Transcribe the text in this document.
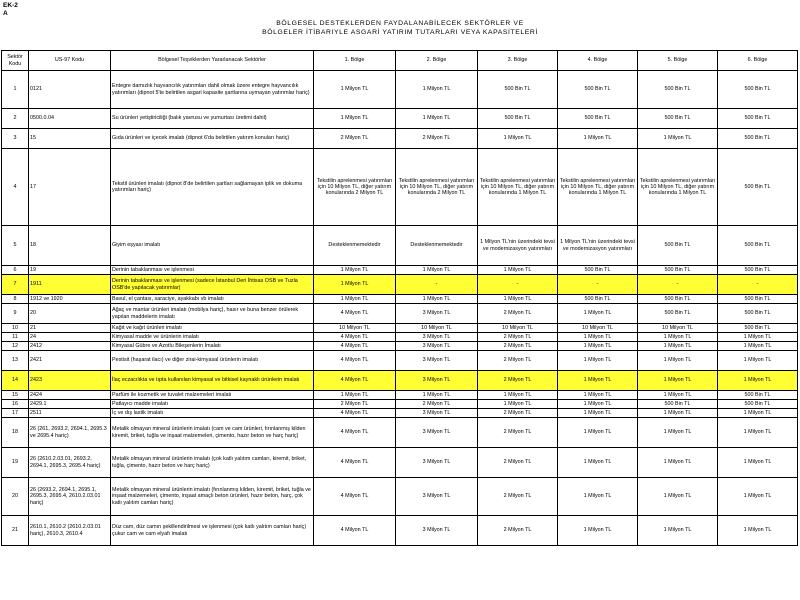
EK-2 A
BÖLGESEL DESTEKLERDEN FAYDALANABİLECEK SEKTÖRLER VE
BÖLGELER İTİBARIYLE ASGARİ YATIRIM TUTARLARI VEYA KAPASİTELERİ
Sektör Kodu	US-97 Kodu	Bölgesel Teşviklerden Yararlanacak Sektörler	1. Bölge	2. Bölge	3. Bölge	4. Bölge	5. Bölge	6. Bölge
1	0121	Entegre damızlık hayvancılık yatırımları dahil olmak üzere entegre hayvancılık yatırımları (dipnot 5'te belirtilen asgari kapasite şartlarına uymayan yatırımlar hariç)	1 Milyon TL	1 Milyon TL	500 Bin TL	500 Bin TL	500 Bin TL	500 Bin TL
2	0500.0.04	Su ürünleri yetiştiriciliği (balık yavrusu ve yumurtası üretimi dahil)	1 Milyon TL	1 Milyon TL	500 Bin TL	500 Bin TL	500 Bin TL	500 Bin TL
3	15	Gıda ürünleri ve içecek imalatı (dipnot 6'da belirtilen yatırım konuları hariç)	2 Milyon TL	2 Milyon TL	1 Milyon TL	1 Milyon TL	1 Milyon TL	500 Bin TL
4	17	Tekstil ürünleri imalatı (dipnot 8'de belirtilen şartları sağlamayan iplik ve dokuma yatırımları hariç)	Tekstilin aprelenmesi yatırımları için 10 Milyon TL, diğer yatırım konularında 2 Milyon TL	Tekstilin aprelenmesi yatırımları için 10 Milyon TL, diğer yatırım konularında 2 Milyon TL	Tekstilin aprelenmesi yatırımları için 10 Milyon TL, diğer yatırım konularında 1 Milyon TL	Tekstilin aprelenmesi yatırımları için 10 Milyon TL, diğer yatırım konularında 1 Milyon TL	Tekstilin aprelenmesi yatırımları için 10 Milyon TL, diğer yatırım konularında 1 Milyon TL	500 Bin TL
5	18	Giyim eşyası imalatı	Desteklenmemektedir	Desteklenmemektedir	1 Milyon TL'nin üzerindeki tevsi ve modernizasyon yatırımları	1 Milyon TL'nin üzerindeki tevsi ve modernizasyon yatırımları	500 Bin TL	500 Bin TL
6	19	Derinin tabaklanması ve işlenmesi	1 Milyon TL	1 Milyon TL	1 Milyon TL	500 Bin TL	500 Bin TL	500 Bin TL
7	1911	Derinin tabaklanması ve işlenmesi (sadece İstanbul Deri İhtisas OSB ve Tuzla OSB'de yapılacak yatırımlar)	1 Milyon TL	-	-	-	-	-
8	1912 ve 1920	Bavul, el çantası, saraciye, ayakkabı vb imalatı	1 Milyon TL	1 Milyon TL	1 Milyon TL	500 Bin TL	500 Bin TL	500 Bin TL
9	20	Ağaç ve mantar ürünleri imalatı (mobilya hariç), hasır ve buna benzer örülerek yapılan maddelerin imalatı	4 Milyon TL	3 Milyon TL	2 Milyon TL	1 Milyon TL	500 Bin TL	500 Bin TL
10	21	Kağıt ve kağıt ürünleri imalatı	10 Milyon TL	10 Milyon TL	10 Milyon TL	10 Milyon TL	10 Milyon TL	500 Bin TL
11	24	Kimyasal madde ve ürünlerin imalatı	4 Milyon TL	3 Milyon TL	2 Milyon TL	1 Milyon TL	1 Milyon TL	1 Milyon TL
12	2412	Kimyasal Gübre ve Azotlu Bileşenlerin İmalatı	4 Milyon TL	3 Milyon TL	2 Milyon TL	1 Milyon TL	1 Milyon TL	1 Milyon TL
13	2421	Pestisit (haşarat ilacı) ve diğer zirai-kimyasal ürünlerin imalatı	4 Milyon TL	3 Milyon TL	2 Milyon TL	1 Milyon TL	1 Milyon TL	1 Milyon TL
14	2423	İlaç eczacılıkta ve tıpta kullanılan kimyasal ve bitkisel kaynaklı ürünlerin imalatı	4 Milyon TL	3 Milyon TL	2 Milyon TL	1 Milyon TL	1 Milyon TL	1 Milyon TL
15	2424	Parfüm ile kozmetik ve tuvalet malzemeleri imalatı	1 Milyon TL	1 Milyon TL	1 Milyon TL	1 Milyon TL	1 Milyon TL	500 Bin TL
16	2429.1	Patlayıcı madde imalatı	2 Milyon TL	2 Milyon TL	1 Milyon TL	1 Milyon TL	500 Bin TL	500 Bin TL
17	2511	İç ve dış lastik imalatı	4 Milyon TL	3 Milyon TL	2 Milyon TL	1 Milyon TL	1 Milyon TL	1 Milyon TL
18	26 (261, 2693.2, 2694.1, 2695.3 ve 2695.4 hariç)	Metalik olmayan mineral ürünlerin imalatı (cam ve cam ürünleri, fırınlanmış kilden kiremit, briket, tuğla ve inşaat malzemeleri, çimento, hazır beton ve harç hariç)	4 Milyon TL	3 Milyon TL	2 Milyon TL	1 Milyon TL	1 Milyon TL	1 Milyon TL
19	26 (2610.2.03.01, 2693.2, 2694.1, 2695.3, 2695.4 hariç)	Metalik olmayan mineral ürünlerin imalatı (çok katlı yalıtım camları, kiremit, briket, tuğla, çimento, hazır beton ve harç hariç)	4 Milyon TL	3 Milyon TL	2 Milyon TL	1 Milyon TL	1 Milyon TL	1 Milyon TL
20	26 (2693.2, 2694.1, 2695.1, 2695.3, 2695.4, 2610.2.03.01 hariç)	Metalik olmayan mineral ürünlerin imalatı (fırınlanmış kilden, kiremit, briket, tuğla ve inşaat malzemeleri, çimento, inşaat amaçlı beton ürünleri, hazır beton, harç, çok katlı yalıtım camları hariç)	4 Milyon TL	3 Milyon TL	2 Milyon TL	1 Milyon TL	1 Milyon TL	1 Milyon TL
21	2610.1, 2610.2 (2610.2.03.01 hariç), 2610.3, 2610.4	Düz cam, düz camın şekillendirilmesi ve işlenmesi (çok katlı yalıtım camları hariç) çukur cam ve cam elyafı imalatı	4 Milyon TL	3 Milyon TL	2 Milyon TL	1 Milyon TL	1 Milyon TL	1 Milyon TL
